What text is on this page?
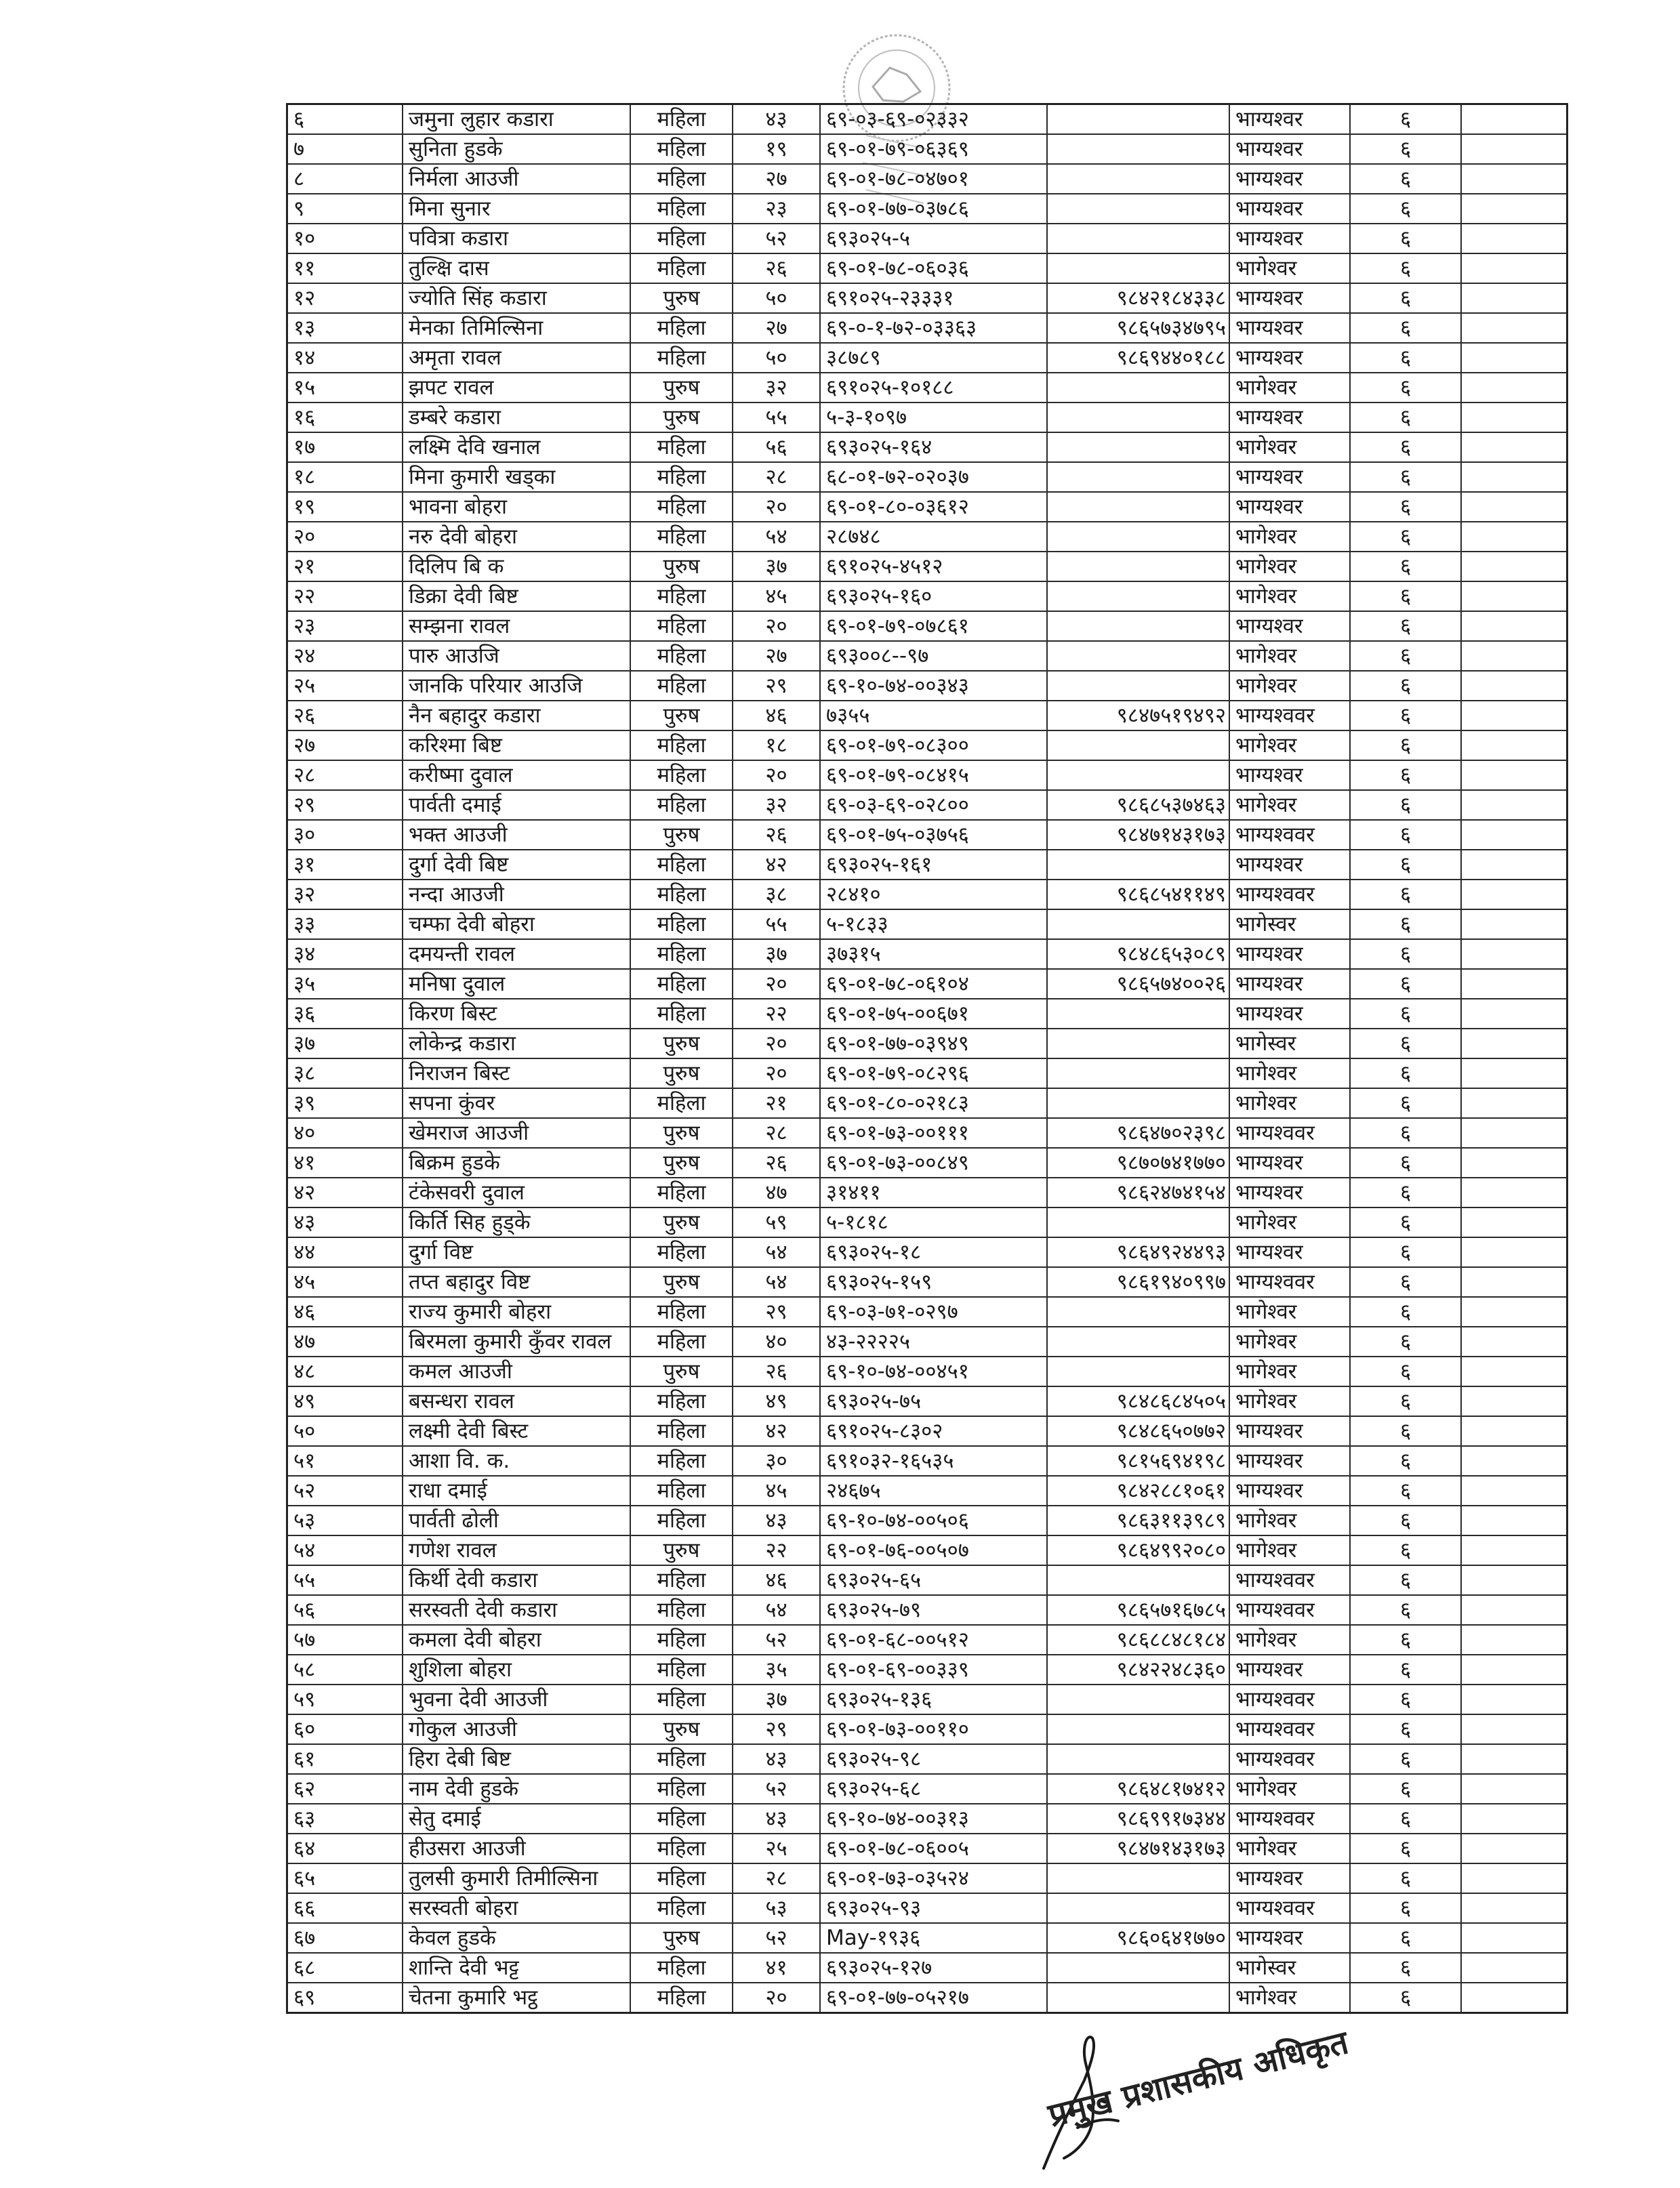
६	जमुना लुहार कडारा	महिला	४३	६९-०३-६९-०२३३२		भाग्यश्वर	६	
७	सुनिता हुडके	महिला	१९	६९-०१-७९-०६३६९		भाग्यश्वर	६	
८	निर्मला आउजी	महिला	२७	६९-०१-७८-०४७०१		भाग्यश्वर	६	
९	मिना सुनार	महिला	२३	६९-०१-७७-०३७८६		भाग्यश्वर	६	
१०	पवित्रा कडारा	महिला	५२	६९३०२५-५		भाग्यश्वर	६	
११	तुल्क्षि दास	महिला	२६	६९-०१-७८-०६०३६		भागेश्वर	६	
१२	ज्योति सिंह कडारा	पुरुष	५०	६९१०२५-२३३३१	९८४२१८४३३८	भाग्यश्वर	६	
१३	मेनका तिमिल्सिना	महिला	२७	६९-०-१-७२-०३३६३	९८६५७३४७९५	भाग्यश्वर	६	
१४	अमृता रावल	महिला	५०	३८७८९	९८६९४४०१८८	भाग्यश्वर	६	
१५	झपट रावल	पुरुष	३२	६९१०२५-१०१८८		भागेश्वर	६	
१६	डम्बरे कडारा	पुरुष	५५	५-३-१०९७		भाग्यश्वर	६	
१७	लक्ष्मि देवि खनाल	महिला	५६	६९३०२५-१६४		भागेश्वर	६	
१८	मिना कुमारी खड्का	महिला	२८	६८-०१-७२-०२०३७		भाग्यश्वर	६	
१९	भावना बोहरा	महिला	२०	६९-०१-८०-०३६१२		भाग्यश्वर	६	
२०	नरु देवी बोहरा	महिला	५४	२८७४८		भागेश्वर	६	
२१	दिलिप बि क	पुरुष	३७	६९१०२५-४५१२		भागेश्वर	६	
२२	डिक्रा देवी बिष्ट	महिला	४५	६९३०२५-१६०		भागेश्वर	६	
२३	सम्झना रावल	महिला	२०	६९-०१-७९-०७८६१		भाग्यश्वर	६	
२४	पारु आउजि	महिला	२७	६९३००८--९७		भागेश्वर	६	
२५	जानकि परियार आउजि	महिला	२९	६९-१०-७४-००३४३		भागेश्वर	६	
२६	नैन बहादुर कडारा	पुरुष	४६	७३५५	९८४७५१९४९२	भाग्यश्ववर	६	
२७	करिश्मा बिष्ट	महिला	१८	६९-०१-७९-०८३००		भागेश्वर	६	
२८	करीष्मा दुवाल	महिला	२०	६९-०१-७९-०८४१५		भाग्यश्वर	६	
२९	पार्वती दमाई	महिला	३२	६९-०३-६९-०२८००	९८६८५३७४६३	भागेश्वर	६	
३०	भक्त आउजी	पुरुष	२६	६९-०१-७५-०३७५६	९८४७१४३१७३	भाग्यश्ववर	६	
३१	दुर्गा देवी बिष्ट	महिला	४२	६९३०२५-१६१		भाग्यश्वर	६	
३२	नन्दा आउजी	महिला	३८	२८४१०	९८६८५४११४९	भाग्यश्ववर	६	
३३	चम्फा देवी बोहरा	महिला	५५	५-१८३३		भागेस्वर	६	
३४	दमयन्ती रावल	महिला	३७	३७३१५	९८४८६५३०८९	भाग्यश्वर	६	
३५	मनिषा दुवाल	महिला	२०	६९-०१-७८-०६१०४	९८६५७४००२६	भाग्यश्वर	६	
३६	किरण बिस्ट	महिला	२२	६९-०१-७५-००६७१		भाग्यश्वर	६	
३७	लोकेन्द्र कडारा	पुरुष	२०	६९-०१-७७-०३९४९		भागेस्वर	६	
३८	निराजन बिस्ट	पुरुष	२०	६९-०१-७९-०८२९६		भागेश्वर	६	
३९	सपना कुंवर	महिला	२१	६९-०१-८०-०२१८३		भागेश्वर	६	
४०	खेमराज आउजी	पुरुष	२८	६९-०१-७३-००१११	९८६४७०२३९८	भाग्यश्ववर	६	
४१	बिक्रम हुडके	पुरुष	२६	६९-०१-७३-००८४९	९८७०७४१७७०	भाग्यश्वर	६	
४२	टंकेसवरी दुवाल	महिला	४७	३१४११	९८६२४७४१५४	भाग्यश्वर	६	
४३	किर्ति सिह हुड्के	पुरुष	५९	५-१८१८		भागेश्वर	६	
४४	दुर्गा विष्ट	महिला	५४	६९३०२५-१८	९८६४९२४४९३	भाग्यश्वर	६	
४५	तप्त बहादुर विष्ट	पुरुष	५४	६९३०२५-१५९	९८६१९४०९९७	भाग्यश्ववर	६	
४६	राज्य कुमारी बोहरा	महिला	२९	६९-०३-७१-०२९७		भागेश्वर	६	
४७	बिरमला कुमारी कुँवर रावल	महिला	४०	४३-२२२२५		भागेश्वर	६	
४८	कमल आउजी	पुरुष	२६	६९-१०-७४-००४५१		भागेश्वर	६	
४९	बसन्धरा रावल	महिला	४९	६९३०२५-७५	९८४८६८४५०५	भागेश्वर	६	
५०	लक्ष्मी देवी बिस्ट	महिला	४२	६९१०२५-८३०२	९८४८६५०७७२	भाग्यश्वर	६	
५१	आशा वि. क.	महिला	३०	६९१०३२-१६५३५	९८१५६९४१९८	भाग्यश्वर	६	
५२	राधा दमाई	महिला	४५	२४६७५	९८४२८८१०६१	भाग्यश्वर	६	
५३	पार्वती ढोली	महिला	४३	६९-१०-७४-००५०६	९८६३११३९८९	भागेश्वर	६	
५४	गणेश रावल	पुरुष	२२	६९-०१-७६-००५०७	९८६४९९२०८०	भागेश्वर	६	
५५	किर्थी देवी कडारा	महिला	४६	६९३०२५-६५		भाग्यश्ववर	६	
५६	सरस्वती देवी कडारा	महिला	५४	६९३०२५-७९	९८६५७१६७८५	भाग्यश्ववर	६	
५७	कमला देवी बोहरा	महिला	५२	६९-०१-६८-००५१२	९८६८८४८१८४	भागेश्वर	६	
५८	शुशिला बोहरा	महिला	३५	६९-०१-६९-००३३९	९८४२२४८३६०	भाग्यश्वर	६	
५९	भुवना देवी आउजी	महिला	३७	६९३०२५-१३६		भाग्यश्ववर	६	
६०	गोकुल आउजी	पुरुष	२९	६९-०१-७३-००११०		भाग्यश्ववर	६	
६१	हिरा देबी बिष्ट	महिला	४३	६९३०२५-९८		भाग्यश्ववर	६	
६२	नाम देवी हुडके	महिला	५२	६९३०२५-६८	९८६४८१७४१२	भागेश्वर	६	
६३	सेतु दमाई	महिला	४३	६९-१०-७४-००३१३	९८६९९१७३४४	भाग्यश्ववर	६	
६४	हीउसरा आउजी	महिला	२५	६९-०१-७८-०६००५	९८४७१४३१७३	भागेश्वर	६	
६५	तुलसी कुमारी तिमील्सिना	महिला	२८	६९-०१-७३-०३५२४		भाग्यश्वर	६	
६६	सरस्वती बोहरा	महिला	५३	६९३०२५-९३		भाग्यश्ववर	६	
६७	केवल हुडके	पुरुष	५२	May-१९३६	९८६०६४१७७०	भाग्यश्वर	६	
६८	शान्ति देवी भट्ट	महिला	४१	६९३०२५-१२७		भागेस्वर	६	
६९	चेतना कुमारि भट्ठ	महिला	२०	६९-०१-७७-०५२१७		भागेश्वर	६	
प्रमुख प्रशासकीय अधिकृत
